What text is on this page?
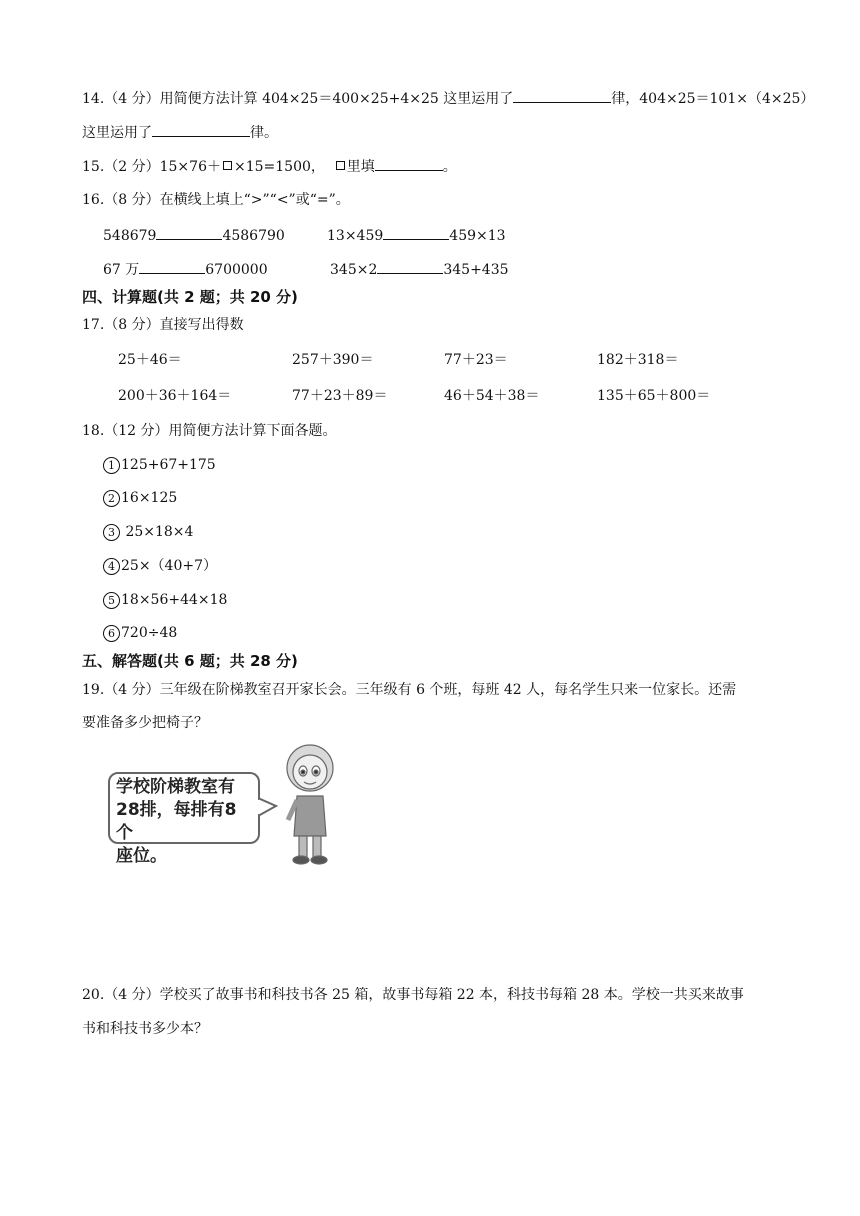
14.（4 分）用简便方法计算 404×25＝400×25+4×25 这里运用了	律，404×25＝101×（4×25）
这里运用了	律。
15.（2 分）15×76＋ ×15=1500， 里填	。
16.（8 分）在横线上填上“>”“<”或“=”。
548679	4586790	13×459	459×13
67 万	6700000	345×2	345+435
四、计算题(共 2 题；共 20 分)
17.（8 分）直接写出得数
25＋46＝	257＋390＝	77＋23＝	182＋318＝
200＋36＋164＝	77＋23＋89＝	46＋54＋38＝	135＋65＋800＝
18.（12 分）用简便方法计算下面各题。
1 125+67+175
2 16×125
3 25×18×4
4 25×（40+7）
5 18×56+44×18
6 720÷48
五、解答题(共 6 题；共 28 分)
19.（4 分）三年级在阶梯教室召开家长会。三年级有 6 个班，每班 42 人，每名学生只来一位家长。还需
要准备多少把椅子？
学校阶梯教室有
28排，每排有8个
座位。
20.（4 分）学校买了故事书和科技书各 25 箱，故事书每箱 22 本，科技书每箱 28 本。学校一共买来故事
书和科技书多少本？
